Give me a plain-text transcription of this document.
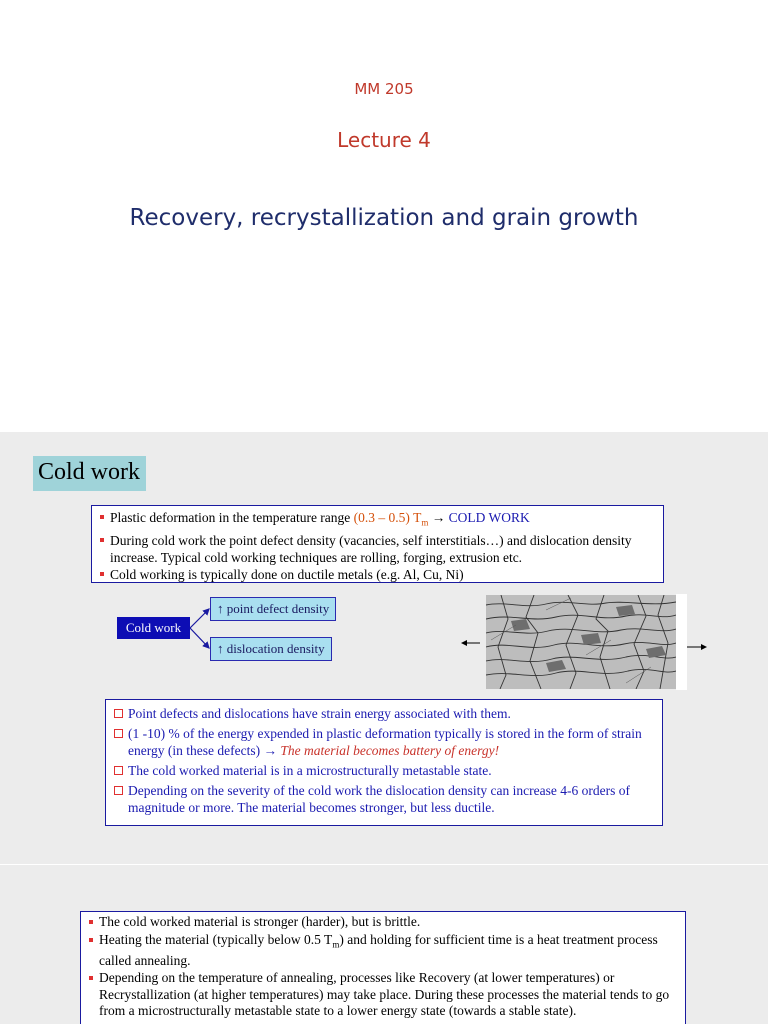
MM 205
Lecture 4
Recovery, recrystallization and grain growth
Cold work
Plastic deformation in the temperature range (0.3 – 0.5) $T_m$ → COLD WORK
During cold work the point defect density (vacancies, self interstitials…) and dislocation density increase. Typical cold working techniques are rolling, forging, extrusion etc.
Cold working is typically done on ductile metals (e.g. Al, Cu, Ni)
Cold work
↑ point defect density
↑ dislocation density
Point defects and dislocations have strain energy associated with them.
(1 -10) % of the energy expended in plastic deformation typically is stored in the form of strain energy (in these defects) → The material becomes battery of energy!
The cold worked material is in a microstructurally metastable state.
Depending on the severity of the cold work the dislocation density can increase 4-6 orders of magnitude or more. The material becomes stronger, but less ductile.
The cold worked material is stronger (harder), but is brittle.
Heating the material (typically below 0.5 $T_m$) and holding for sufficient time is a heat treatment process called annealing.
Depending on the temperature of annealing, processes like Recovery (at lower temperatures) or Recrystallization (at higher temperatures) may take place. During these processes the material tends to go from a microstructurally metastable state to a lower energy state (towards a stable state).
